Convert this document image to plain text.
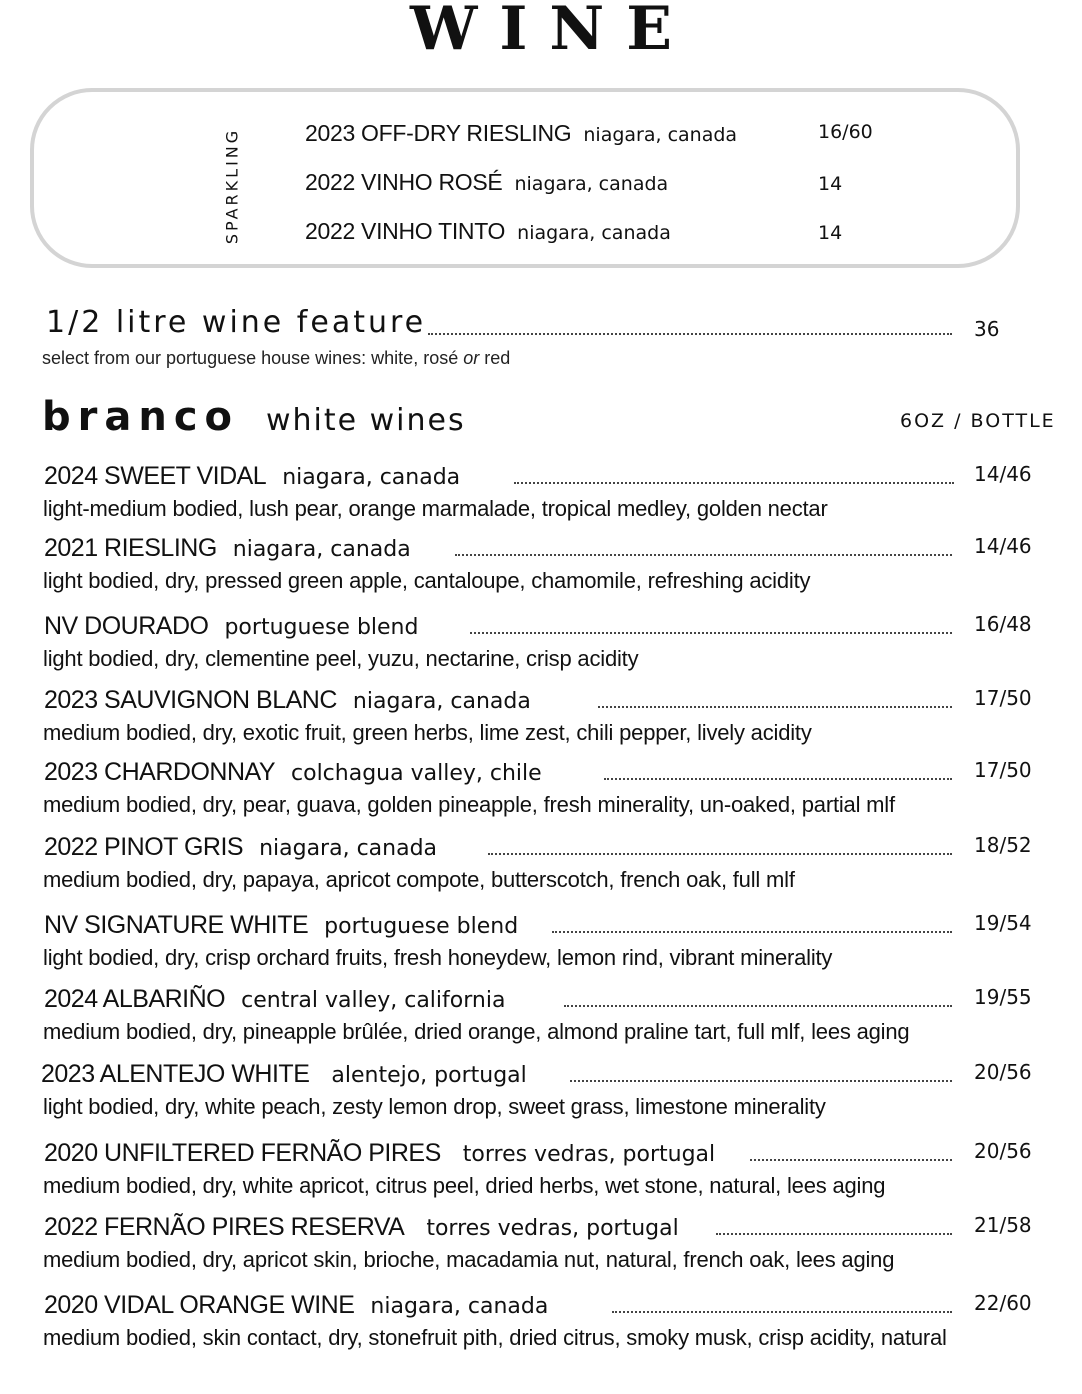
WINE
SPARKLING	2023 OFF-DRY RIESLING niagara, canada	16/60
2022 VINHO ROSÉ niagara, canada	14
2022 VINHO TINTO niagara, canada	14
1/2 litre wine feature	36
select from our portuguese house wines: white, rosé or red
branco white wines	6OZ / BOTTLE
2024 SWEET VIDAL niagara, canada	14/46
light-medium bodied, lush pear, orange marmalade, tropical medley, golden nectar
2021 RIESLING niagara, canada	14/46
light bodied, dry, pressed green apple, cantaloupe, chamomile, refreshing acidity
NV DOURADO portuguese blend	16/48
light bodied, dry, clementine peel, yuzu, nectarine, crisp acidity
2023 SAUVIGNON BLANC niagara, canada	17/50
medium bodied, dry, exotic fruit, green herbs, lime zest, chili pepper, lively acidity
2023 CHARDONNAY colchagua valley, chile	17/50
medium bodied, dry, pear, guava, golden pineapple, fresh minerality, un-oaked, partial mlf
2022 PINOT GRIS niagara, canada	18/52
medium bodied, dry, papaya, apricot compote, butterscotch, french oak, full mlf
NV SIGNATURE WHITE portuguese blend	19/54
light bodied, dry, crisp orchard fruits, fresh honeydew, lemon rind, vibrant minerality
2024 ALBARIÑO central valley, california	19/55
medium bodied, dry, pineapple brûlée, dried orange, almond praline tart, full mlf, lees aging
2023 ALENTEJO WHITE alentejo, portugal	20/56
light bodied, dry, white peach, zesty lemon drop, sweet grass, limestone minerality
2020 UNFILTERED FERNÃO PIRES torres vedras, portugal	20/56
medium bodied, dry, white apricot, citrus peel, dried herbs, wet stone, natural, lees aging
2022 FERNÃO PIRES RESERVA torres vedras, portugal	21/58
medium bodied, dry, apricot skin, brioche, macadamia nut, natural, french oak, lees aging
2020 VIDAL ORANGE WINE niagara, canada	22/60
medium bodied, skin contact, dry, stonefruit pith, dried citrus, smoky musk, crisp acidity, natural
